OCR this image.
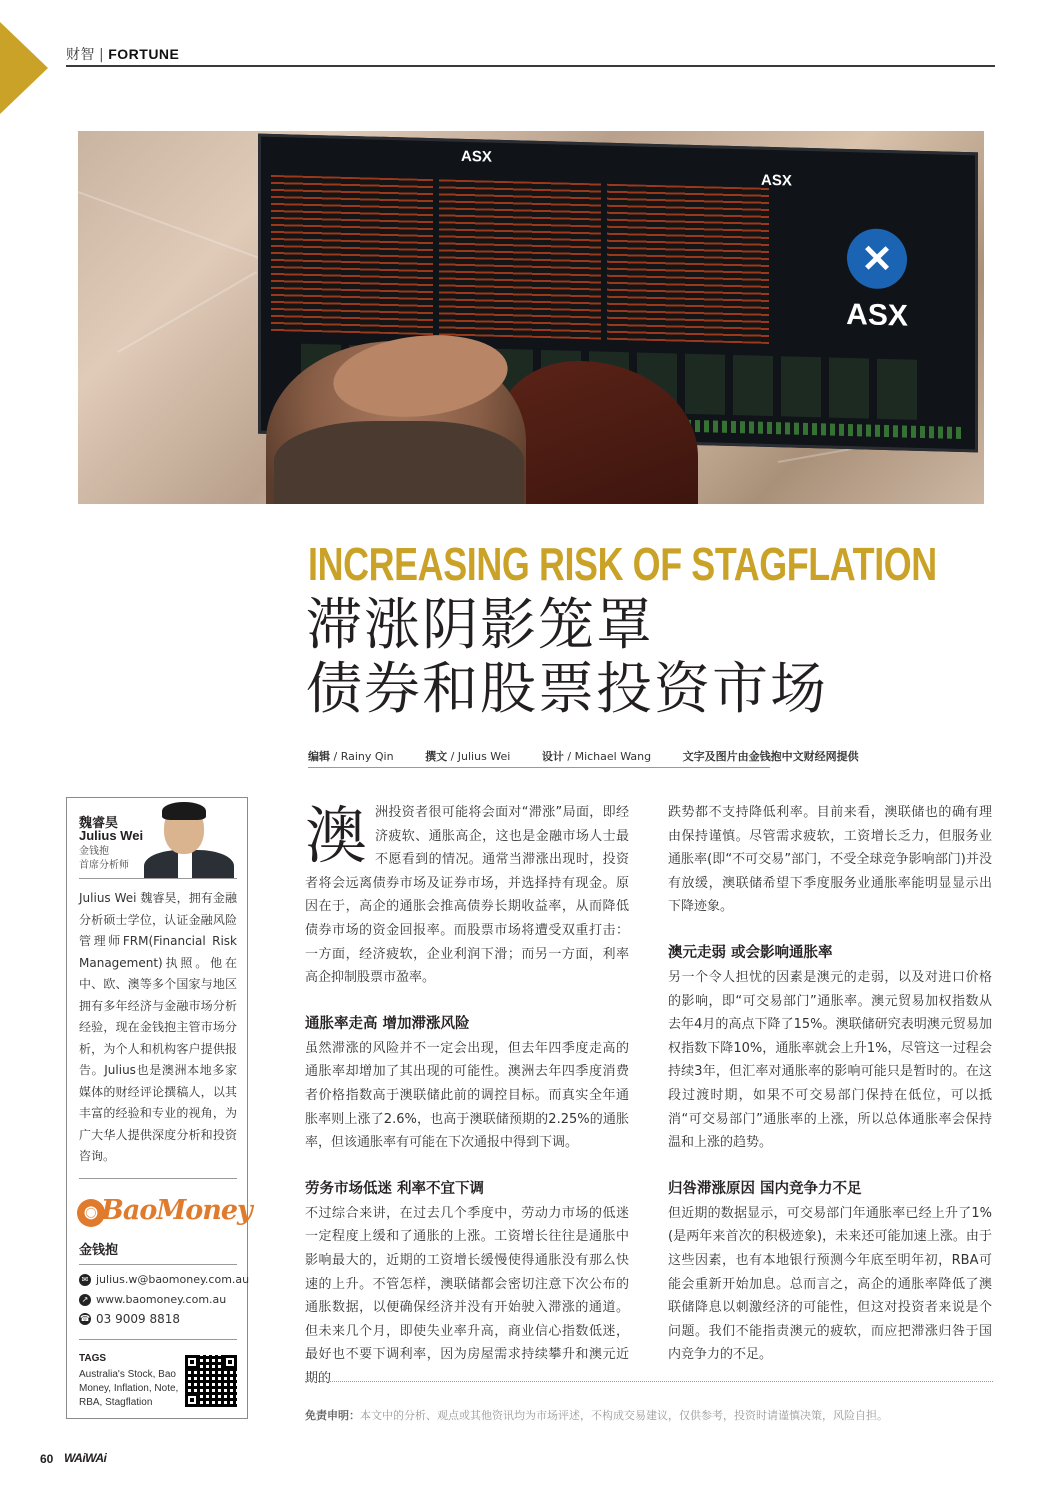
财智 | FORTUNE
ASX
ASX
✕
ASX
INCREASING RISK OF STAGFLATION
滞涨阴影笼罩
债券和股票投资市场
编辑 / Rainy Qin	撰文 / Julius Wei	设计 / Michael Wang	文字及图片由金钱抱中文财经网提供
魏睿昊
Julius Wei
金钱抱
首席分析师
Julius Wei 魏睿昊，拥有金融分析硕士学位，认证金融风险管理师FRM(Financial Risk Management)执照。他在中、欧、澳等多个国家与地区拥有多年经济与金融市场分析经验，现在金钱抱主管市场分析，为个人和机构客户提供报告。Julius也是澳洲本地多家媒体的财经评论撰稿人，以其丰富的经验和专业的视角，为广大华人提供深度分析和投资咨询。
◉ BaoMoney
金钱抱
✉ julius.w@baomoney.com.au
↗ www.baomoney.com.au
☎ 03 9009 8818
TAGS
Australia's Stock, Bao Money, Inflation, Note, RBA, Stagflation

澳洲投资者很可能将会面对“滞涨”局面，即经济疲软、通胀高企，这也是金融市场人士最不愿看到的情况。通常当滞涨出现时，投资者将会远离债券市场及证券市场，并选择持有现金。原因在于，高企的通胀会推高债券长期收益率，从而降低债券市场的资金回报率。而股票市场将遭受双重打击：一方面，经济疲软，企业利润下滑；而另一方面，利率高企抑制股票市盈率。

通胀率走高 增加滞涨风险

虽然滞涨的风险并不一定会出现，但去年四季度走高的通胀率却增加了其出现的可能性。澳洲去年四季度消费者价格指数高于澳联储此前的调控目标。而真实全年通胀率则上涨了2.6%，也高于澳联储预期的2.25%的通胀率，但该通胀率有可能在下次通报中得到下调。

劳务市场低迷 利率不宜下调

不过综合来讲，在过去几个季度中，劳动力市场的低迷一定程度上缓和了通胀的上涨。工资增长往往是通胀中影响最大的，近期的工资增长缓慢使得通胀没有那么快速的上升。不管怎样，澳联储都会密切注意下次公布的通胀数据，以便确保经济并没有开始驶入滞涨的通道。但未来几个月，即使失业率升高，商业信心指数低迷，最好也不要下调利率，因为房屋需求持续攀升和澳元近期的

跌势都不支持降低利率。目前来看，澳联储也的确有理由保持谨慎。尽管需求疲软，工资增长乏力，但服务业通胀率(即“不可交易”部门，不受全球竞争影响部门)并没有放缓，澳联储希望下季度服务业通胀率能明显显示出下降迹象。

澳元走弱 或会影响通胀率

另一个令人担忧的因素是澳元的走弱，以及对进口价格的影响，即“可交易部门”通胀率。澳元贸易加权指数从去年4月的高点下降了15%。澳联储研究表明澳元贸易加权指数下降10%，通胀率就会上升1%，尽管这一过程会持续3年，但汇率对通胀率的影响可能只是暂时的。在这段过渡时期，如果不可交易部门保持在低位，可以抵消“可交易部门”通胀率的上涨，所以总体通胀率会保持温和上涨的趋势。

归咎滞涨原因 国内竞争力不足

但近期的数据显示，可交易部门年通胀率已经上升了1%(是两年来首次的积极迹象)，未来还可能加速上涨。由于这些因素，也有本地银行预测今年底至明年初，RBA可能会重新开始加息。总而言之，高企的通胀率降低了澳联储降息以刺激经济的可能性，但这对投资者来说是个问题。我们不能指责澳元的疲软，而应把滞涨归咎于国内竞争力的不足。

免责申明：本文中的分析、观点或其他资讯均为市场评述，不构成交易建议，仅供参考，投资时请谨慎决策，风险自担。
60 WAiWAi
